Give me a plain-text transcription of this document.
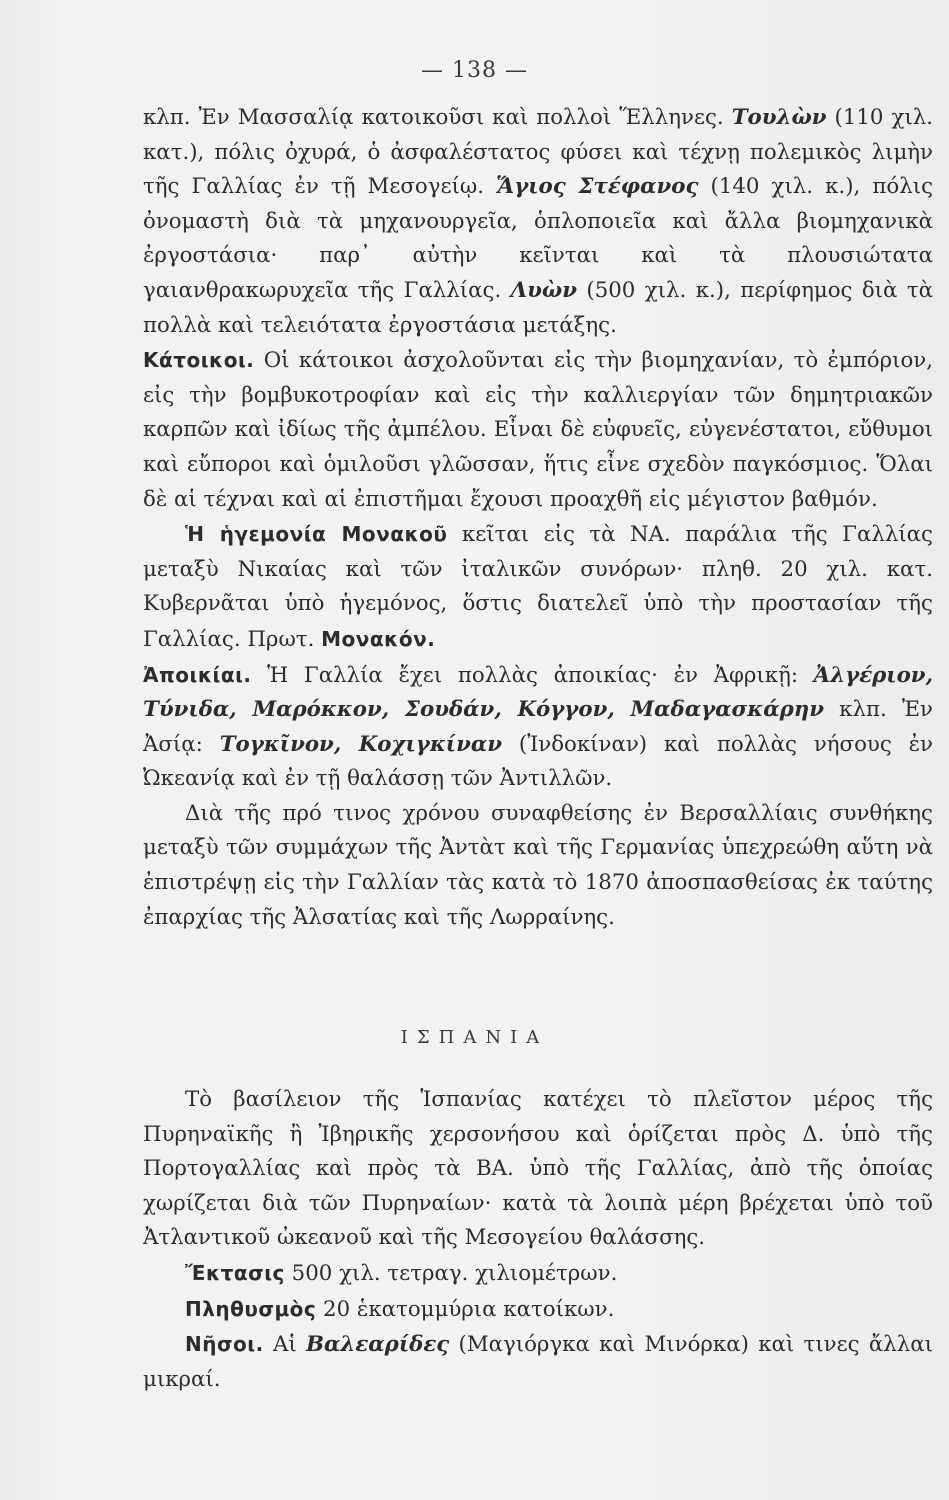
— 138 —

κλπ. Ἐν Μασσαλίᾳ κατοικοῦσι καὶ πολλοὶ Ἕλληνες. Τουλὼν (110 χιλ. κατ.), πόλις ὀχυρά, ὁ ἀσφαλέστατος φύσει καὶ τέχνῃ πολεμικὸς λιμὴν τῆς Γαλλίας ἐν τῇ Μεσογείῳ. Ἅγιος Στέφανος (140 χιλ. κ.), πόλις ὀνομαστὴ διὰ τὰ μηχανουργεῖα, ὁπλοποιεῖα καὶ ἄλλα βιομηχανικὰ ἐργοστάσια· παρ᾽ αὐτὴν κεῖνται καὶ τὰ πλουσιώτατα γαιανθρακωρυχεῖα τῆς Γαλλίας. Λυὼν (500 χιλ. κ.), περίφημος διὰ τὰ πολλὰ καὶ τελειότατα ἐργοστάσια μετάξης.

Κάτοικοι. Οἱ κάτοικοι ἀσχολοῦνται εἰς τὴν βιομηχανίαν, τὸ ἐμπόριον, εἰς τὴν βομβυκοτροφίαν καὶ εἰς τὴν καλλιεργίαν τῶν δημητριακῶν καρπῶν καὶ ἰδίως τῆς ἀμπέλου. Εἶναι δὲ εὐφυεῖς, εὐγενέστατοι, εὔθυμοι καὶ εὔποροι καὶ ὁμιλοῦσι γλῶσσαν, ἥτις εἶνε σχεδὸν παγκόσμιος. Ὅλαι δὲ αἱ τέχναι καὶ αἱ ἐπιστῆμαι ἔχουσι προαχθῆ εἰς μέγιστον βαθμόν.

Ἡ ἡγεμονία Μονακοῦ κεῖται εἰς τὰ ΝΑ. παράλια τῆς Γαλλίας μεταξὺ Νικαίας καὶ τῶν ἰταλικῶν συνόρων· πληθ. 20 χιλ. κατ. Κυβερνᾶται ὑπὸ ἡγεμόνος, ὅστις διατελεῖ ὑπὸ τὴν προστασίαν τῆς Γαλλίας. Πρωτ. Μονακόν.

Ἀποικίαι. Ἡ Γαλλία ἔχει πολλὰς ἀποικίας· ἐν Ἀφρικῇ: Ἀλγέριον, Τύνιδα, Μαρόκκον, Σουδάν, Κόγγον, Μαδαγασκάρην κλπ. Ἐν Ἀσίᾳ: Τογκῖνον, Κοχιγκίναν (Ἰνδοκίναν) καὶ πολλὰς νήσους ἐν Ὠκεανίᾳ καὶ ἐν τῇ θαλάσσῃ τῶν Ἀντιλλῶν.

Διὰ τῆς πρό τινος χρόνου συναφθείσης ἐν Βερσαλλίαις συνθήκης μεταξὺ τῶν συμμάχων τῆς Ἀντὰτ καὶ τῆς Γερμανίας ὑπεχρεώθη αὕτη νὰ ἐπιστρέψῃ εἰς τὴν Γαλλίαν τὰς κατὰ τὸ 1870 ἀποσπασθείσας ἐκ ταύτης ἐπαρχίας τῆς Ἀλσατίας καὶ τῆς Λωρραίνης.

ΙΣΠΑΝΙΑ

Τὸ βασίλειον τῆς Ἱσπανίας κατέχει τὸ πλεῖστον μέρος τῆς Πυρηναϊκῆς ἢ Ἰβηρικῆς χερσονήσου καὶ ὁρίζεται πρὸς Δ. ὑπὸ τῆς Πορτογαλλίας καὶ πρὸς τὰ ΒΑ. ὑπὸ τῆς Γαλλίας, ἀπὸ τῆς ὁποίας χωρίζεται διὰ τῶν Πυρηναίων· κατὰ τὰ λοιπὰ μέρη βρέχεται ὑπὸ τοῦ Ἀτλαντικοῦ ὠκεανοῦ καὶ τῆς Μεσογείου θαλάσσης.

Ἔκτασις 500 χιλ. τετραγ. χιλιομέτρων.

Πληθυσμὸς 20 ἑκατομμύρια κατοίκων.

Νῆσοι. Αἱ Βαλεαρίδες (Μαγιόργκα καὶ Μινόρκα) καὶ τινες ἄλλαι μικραί.
